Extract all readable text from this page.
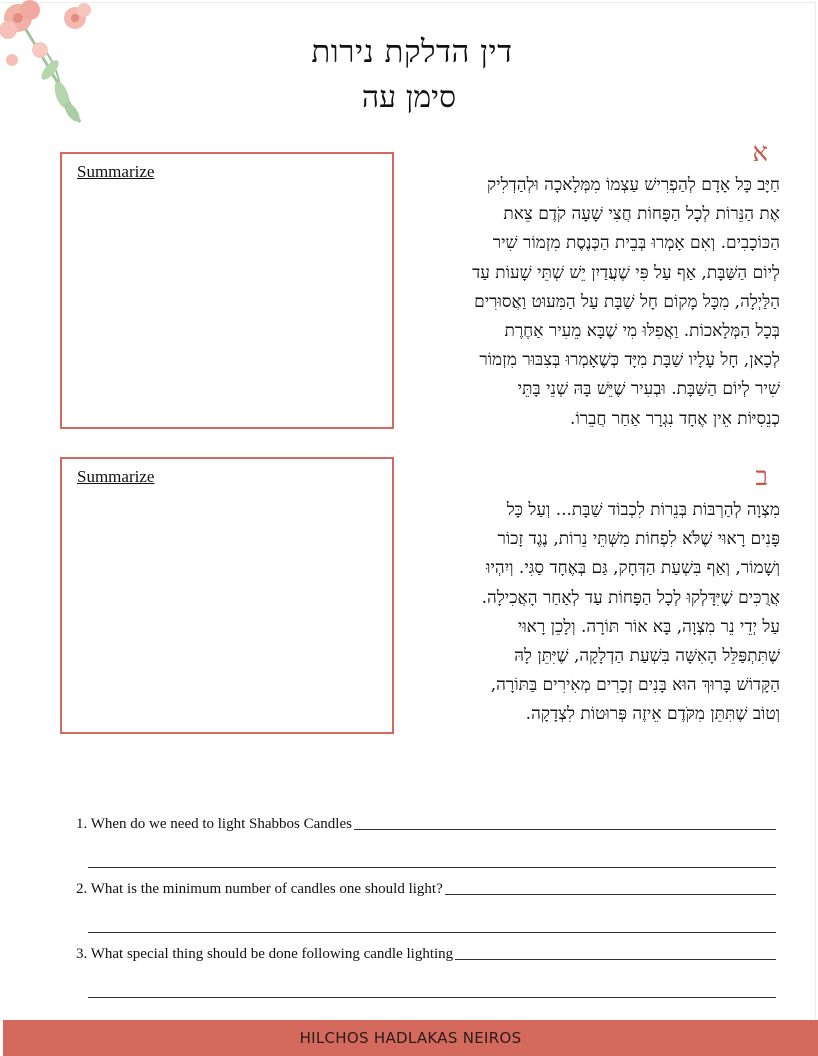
דין הדלקת נירות
סימן עה
Summarize
א
חַיָּב כָּל אָדָם לְהַפְרִישׁ עַצְמוֹ מִמְּלָאכָה וּלְהַדְלִיק
אֶת הַנֵּרוֹת לְכָל הַפָּחוֹת חֲצִי שָׁעָה קֹדֶם צֵאת
הַכּוֹכָבִים. וְאִם אָמְרוּ בְּבֵית הַכְּנֶסֶת מִזְמוֹר שִׁיר
לְיוֹם הַשַּׁבָּת, אַף עַל פִּי שֶׁעֲדַיִן יֵשׁ שְׁתֵּי שָׁעוֹת עַד
הַלַּיְלָה, מִכָּל מָקוֹם חָל שַׁבָּת עַל הַמִּעוּט וַאֲסוּרִים
בְּכָל הַמְּלָאכוֹת. וַאֲפִלּוּ מִי שֶׁבָּא מֵעִיר אַחֶרֶת
לְכָאן, חָל עָלָיו שַׁבָּת מִיָּד כְּשֶׁאָמְרוּ בְּצִבּוּר מִזְמוֹר
שִׁיר לְיוֹם הַשַּׁבָּת. וּבְעִיר שֶׁיֵּשׁ בָּהּ שְׁנֵי בָּתֵּי
כְנֵסִיּוֹת אֵין אֶחָד נִגְרָר אַחַר חֲבֵרוֹ.
Summarize	ב
מִצְוָה לְהַרְבּוֹת בְּנֵרוֹת לִכְבוֹד שַׁבָּת... וְעַל כָּל
פָּנִים רָאוּי שֶׁלֹּא לִפְחוֹת מִשְּׁתֵּי נֵרוֹת, נֶגֶד זָכוֹר
וְשָׁמוֹר, וְאַף בִּשְׁעַת הַדְּחָק, גַּם בְּאֶחָד סַגִּי. וְיִהְיוּ
אֲרֻכִּים שֶׁיִּדָּלְקוּ לְכָל הַפָּחוֹת עַד לְאַחַר הָאֲכִילָה.
עַל יְדֵי נֵר מִצְוָה, בָּא אוֹר תּוֹרָה. וְלָכֵן רָאוּי
שֶׁתִּתְפַּלֵּל הָאִשָּׁה בִּשְׁעַת הַדְלָקָה, שֶׁיִּתֵּן לָהּ
הַקָּדוֹשׁ בָּרוּךְ הוּא בָּנִים זְכָרִים מְאִירִים בַּתּוֹרָה,
וְטוֹב שֶׁתִּתֵּן מִקֹּדֶם אֵיזֶה פְּרוּטוֹת לִצְדָקָה.
1. When do we need to light Shabbos Candles
2. What is the minimum number of candles one should light?
3. What special thing should be done following candle lighting
HILCHOS HADLAKAS NEIROS
